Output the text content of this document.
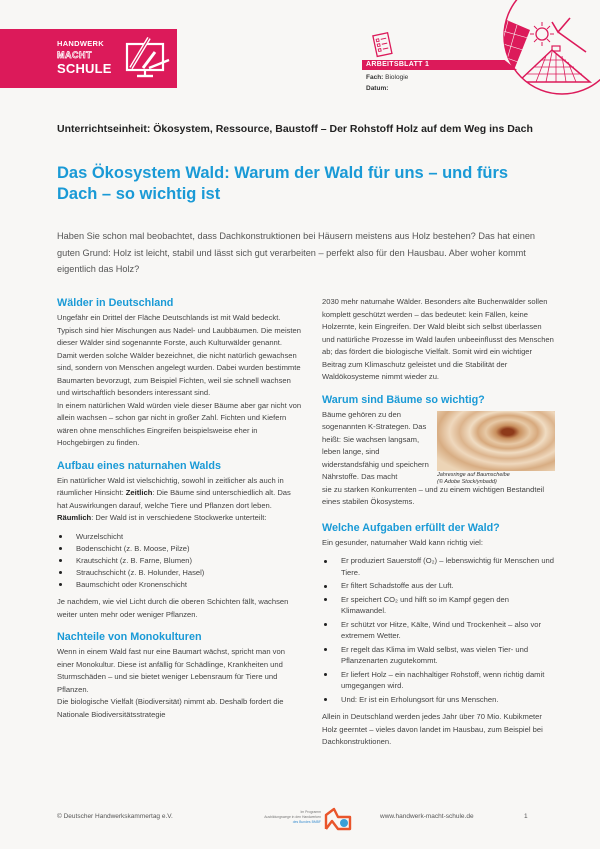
HANDWERK
MACHT
SCHULE	ARBEITSBLATT 1
Fach: Biologie
Datum:
Unterrichtseinheit: Ökosystem, Ressource, Baustoff – Der Rohstoff Holz auf dem Weg ins Dach
Das Ökosystem Wald: Warum der Wald für uns – und fürs Dach – so wichtig ist

Haben Sie schon mal beobachtet, dass Dachkonstruktionen bei Häusern meistens aus Holz bestehen? Das hat einen guten Grund: Holz ist leicht, stabil und lässt sich gut verarbeiten – perfekt also für den Hausbau. Aber woher kommt eigentlich das Holz?

Wälder in Deutschland

Ungefähr ein Drittel der Fläche Deutschlands ist mit Wald bedeckt. Typisch sind hier Mischungen aus Nadel- und Laubbäumen. Die meisten dieser Wälder sind sogenannte Forste, auch Kulturwälder genannt. Damit werden solche Wälder bezeichnet, die nicht natürlich gewachsen sind, sondern von Menschen angelegt wurden. Dabei wurden bestimmte Baumarten bevorzugt, zum Beispiel Fichten, weil sie schnell wachsen und wirtschaftlich besonders interessant sind.

In einem natürlichen Wald würden viele dieser Bäume aber gar nicht von allein wachsen – schon gar nicht in großer Zahl. Fichten und Kiefern wären ohne menschliches Eingreifen beispielsweise eher in Hochgebirgen zu finden.

Aufbau eines naturnahen Walds

Ein natürlicher Wald ist vielschichtig, sowohl in zeitlicher als auch in räumlicher Hinsicht: Zeitlich: Die Bäume sind unterschiedlich alt. Das hat Auswirkungen darauf, welche Tiere und Pflanzen dort leben. Räumlich: Der Wald ist in verschiedene Stockwerke unterteilt:

Wurzelschicht
Bodenschicht (z. B. Moose, Pilze)
Krautschicht (z. B. Farne, Blumen)
Strauchschicht (z. B. Holunder, Hasel)
Baumschicht oder Kronenschicht

Je nachdem, wie viel Licht durch die oberen Schichten fällt, wachsen weiter unten mehr oder weniger Pflanzen.

Nachteile von Monokulturen

Wenn in einem Wald fast nur eine Baumart wächst, spricht man von einer Monokultur. Diese ist anfällig für Schädlinge, Krankheiten und Sturmschäden – und sie bietet weniger Lebensraum für Tiere und Pflanzen.

Die biologische Vielfalt (Biodiversität) nimmt ab. Deshalb fordert die Nationale Biodiversitätsstrategie

2030 mehr naturnahe Wälder. Besonders alte Buchenwälder sollen komplett geschützt werden – das bedeutet: kein Fällen, keine Holzernte, kein Eingreifen. Der Wald bleibt sich selbst überlassen und natürliche Prozesse im Wald laufen unbeeinflusst des Menschen ab; das fördert die biologische Vielfalt. Somit wird ein wichtiger Beitrag zum Klimaschutz geleistet und die Stabilität der Waldökosysteme nimmt wieder zu.

Warum sind Bäume so wichtig?

Bäume gehören zu den sogenannten K-Strategen. Das heißt: Sie wachsen langsam, leben lange, sind widerstandsfähig und speichern Nährstoffe. Das macht	Jahresringe auf Baumscheibe
(© Adobe Stock/ynbadd)

sie zu starken Konkurrenten – und zu einem wichtigen Bestandteil eines stabilen Ökosystems.

Welche Aufgaben erfüllt der Wald?

Ein gesunder, naturnaher Wald kann richtig viel:

Er produziert Sauerstoff (O₂) – lebenswichtig für Menschen und Tiere.
Er filtert Schadstoffe aus der Luft.
Er speichert CO₂ und hilft so im Kampf gegen den Klimawandel.
Er schützt vor Hitze, Kälte, Wind und Trockenheit – also vor extremem Wetter.
Er regelt das Klima im Wald selbst, was vielen Tier- und Pflanzenarten zugutekommt.
Er liefert Holz – ein nachhaltiger Rohstoff, wenn richtig damit umgegangen wird.
Und: Er ist ein Erholungsort für uns Menschen.

Allein in Deutschland werden jedes Jahr über 70 Mio. Kubikmeter Holz geerntet – vieles davon landet im Hausbau, zum Beispiel bei Dachkonstruktionen.

© Deutscher Handwerkskammertag e.V.
Im Programm
Ausbildungswege in den Handwerken
des Bundes BMBF
www.handwerk-macht-schule.de	1
